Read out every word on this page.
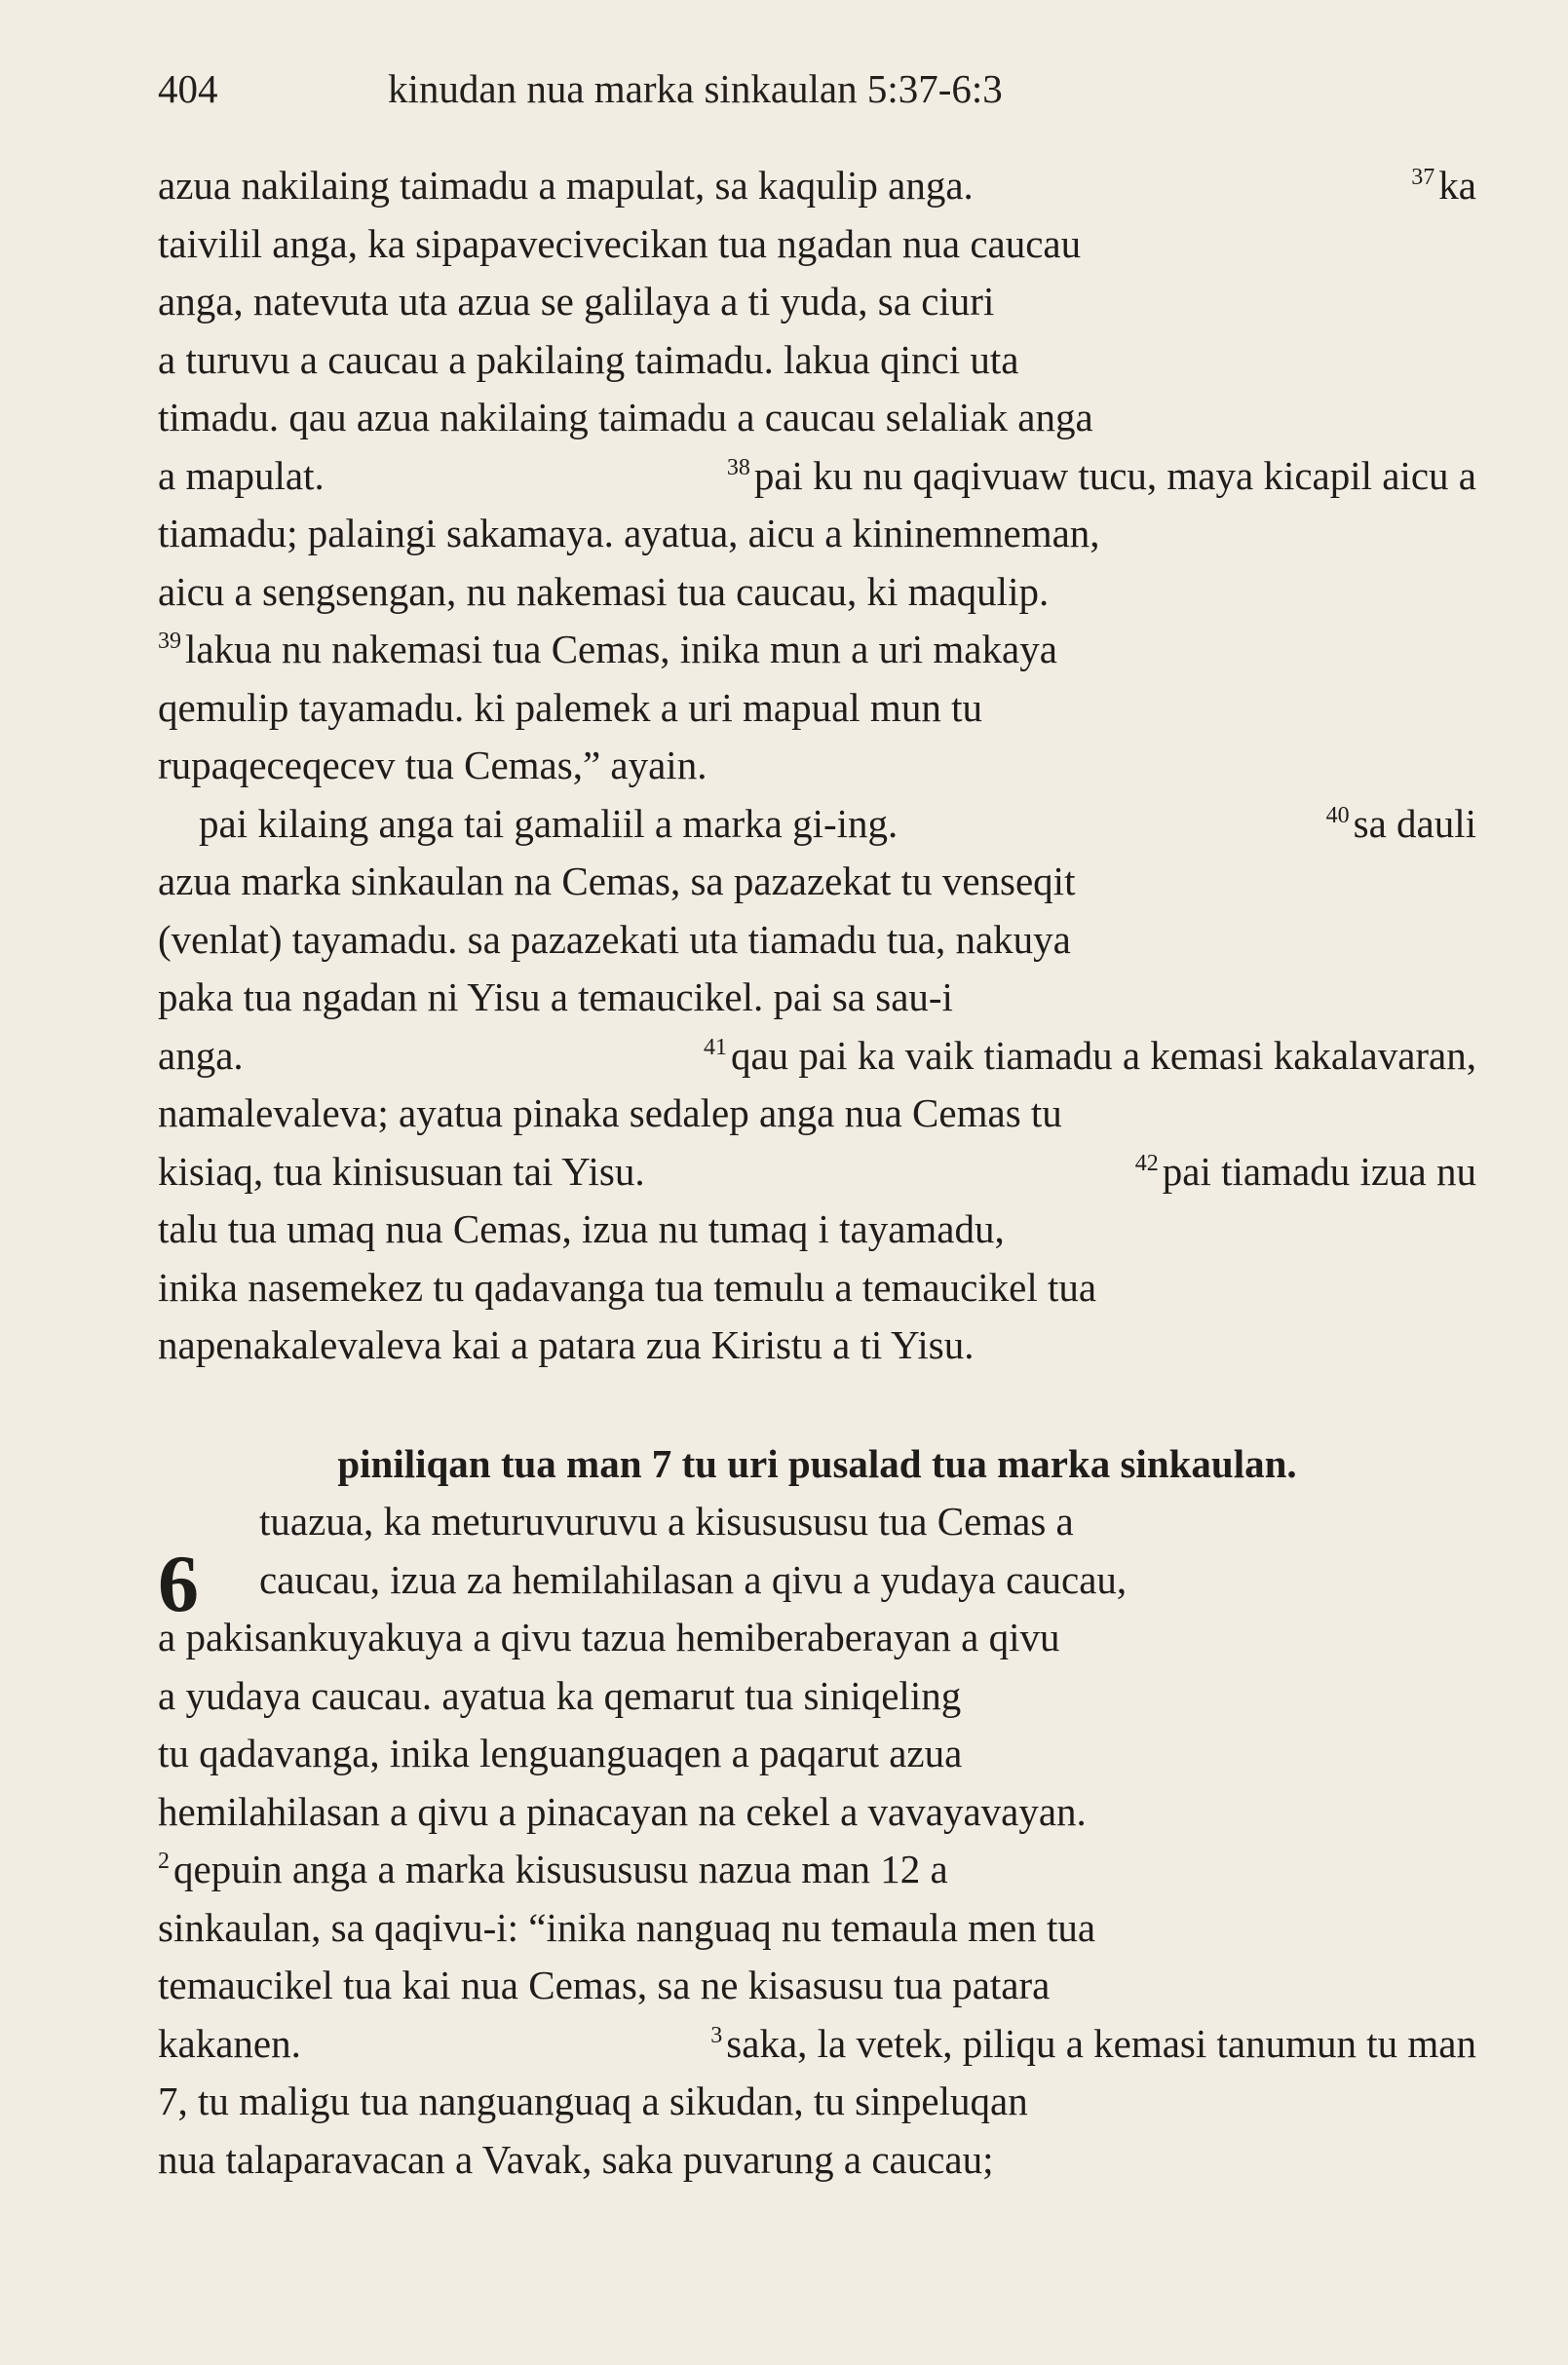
404	kinudan nua marka sinkaulan 5:37-6:3
azua nakilaing taimadu a mapulat, sa kaqulip anga.	$^{37}$ka
taivilil anga, ka sipapavecivecikan tua ngadan nua caucau
anga, natevuta uta azua se galilaya a ti yuda, sa ciuri
a turuvu a caucau a pakilaing taimadu. lakua qinci uta
timadu. qau azua nakilaing taimadu a caucau selaliak anga
a mapulat.	$^{38}$pai ku nu qaqivuaw tucu, maya kicapil aicu a
tiamadu; palaingi sakamaya. ayatua, aicu a kininemneman,
aicu a sengsengan, nu nakemasi tua caucau, ki maqulip.
$^{39}$lakua nu nakemasi tua Cemas, inika mun a uri makaya
qemulip tayamadu. ki palemek a uri mapual mun tu
rupaqeceqecev tua Cemas,” ayain.
pai kilaing anga tai gamaliil a marka gi-ing.	$^{40}$sa dauli
azua marka sinkaulan na Cemas, sa pazazekat tu venseqit
(venlat) tayamadu. sa pazazekati uta tiamadu tua, nakuya
paka tua ngadan ni Yisu a temaucikel. pai sa sau-i
anga.	$^{41}$qau pai ka vaik tiamadu a kemasi kakalavaran,
namalevaleva; ayatua pinaka sedalep anga nua Cemas tu
kisiaq, tua kinisusuan tai Yisu.	$^{42}$pai tiamadu izua nu
talu tua umaq nua Cemas, izua nu tumaq i tayamadu,
inika nasemekez tu qadavanga tua temulu a temaucikel tua
napenakalevaleva kai a patara zua Kiristu a ti Yisu.
piniliqan tua man 7 tu uri pusalad tua marka sinkaulan.
6
tuazua, ka meturuvuruvu a kisusususu tua Cemas a
caucau, izua za hemilahilasan a qivu a yudaya caucau,
a pakisankuyakuya a qivu tazua hemiberaberayan a qivu
a yudaya caucau. ayatua ka qemarut tua siniqeling
tu qadavanga, inika lenguanguaqen a paqarut azua
hemilahilasan a qivu a pinacayan na cekel a vavayavayan.
$^2$qepuin anga a marka kisusususu nazua man 12 a
sinkaulan, sa qaqivu-i: “inika nanguaq nu temaula men tua
temaucikel tua kai nua Cemas, sa ne kisasusu tua patara
kakanen.	$^3$saka, la vetek, piliqu a kemasi tanumun tu man
7, tu maligu tua nanguanguaq a sikudan, tu sinpeluqan
nua talaparavacan a Vavak, saka puvarung a caucau;
